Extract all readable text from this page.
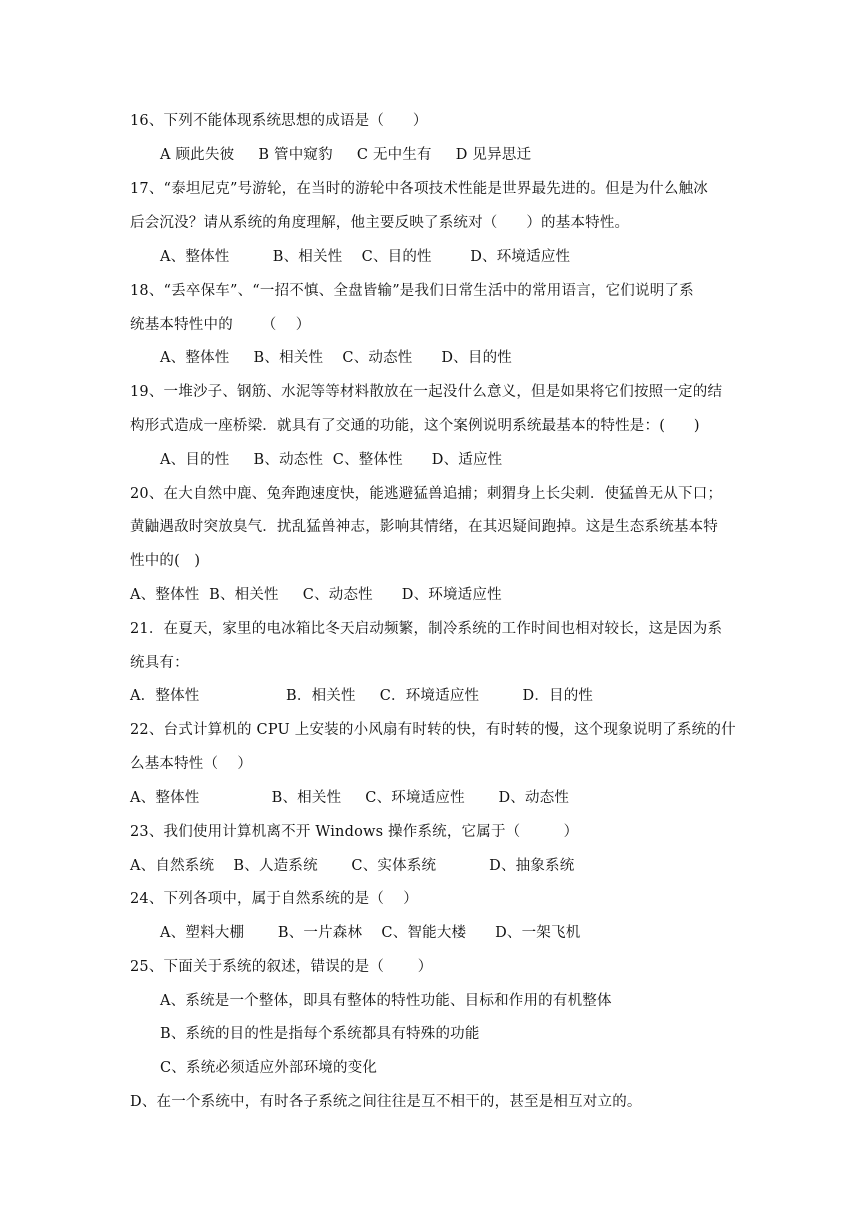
16、下列不能体现系统思想的成语是（      ）
A 顾此失彼     B 管中窥豹     C 无中生有     D 见异思迁
17、“泰坦尼克”号游轮，在当时的游轮中各项技术性能是世界最先进的。但是为什么触冰
后会沉没？请从系统的角度理解，他主要反映了系统对（      ）的基本特性。
A、整体性         B、相关性    C、目的性        D、环境适应性
18、“丢卒保车”、“一招不慎、全盘皆输”是我们日常生活中的常用语言，它们说明了系
统基本特性中的      （    ）
A、整体性     B、相关性    C、动态性      D、目的性
19、一堆沙子、钢筋、水泥等等材料散放在一起没什么意义，但是如果将它们按照一定的结
构形式造成一座桥梁．就具有了交通的功能，这个案例说明系统最基本的特性是：(      )
A、目的性     B、动态性  C、整体性      D、适应性
20、在大自然中鹿、兔奔跑速度快，能逃避猛兽追捕；刺猬身上长尖刺．使猛兽无从下口；
黄鼬遇敌时突放臭气．扰乱猛兽神志，影响其情绪，在其迟疑间跑掉。这是生态系统基本特
性中的(   )
A、整体性  B、相关性     C、动态性      D、环境适应性
21．在夏天，家里的电冰箱比冬天启动频繁，制冷系统的工作时间也相对较长，这是因为系
统具有：
A．整体性                  B．相关性     C．环境适应性         D．目的性
22、台式计算机的 CPU 上安装的小风扇有时转的快，有时转的慢，这个现象说明了系统的什
么基本特性（    ）
A、整体性               B、相关性     C、环境适应性       D、动态性
23、我们使用计算机离不开 Windows 操作系统，它属于（         ）
A、自然系统    B、人造系统       C、实体系统           D、抽象系统
24、下列各项中，属于自然系统的是（    ）
A、塑料大棚       B、一片森林    C、智能大楼      D、一架飞机
25、下面关于系统的叙述，错误的是（       ）
A、系统是一个整体，即具有整体的特性功能、目标和作用的有机整体
B、系统的目的性是指每个系统都具有特殊的功能
C、系统必须适应外部环境的变化
D、在一个系统中，有时各子系统之间往往是互不相干的，甚至是相互对立的。
